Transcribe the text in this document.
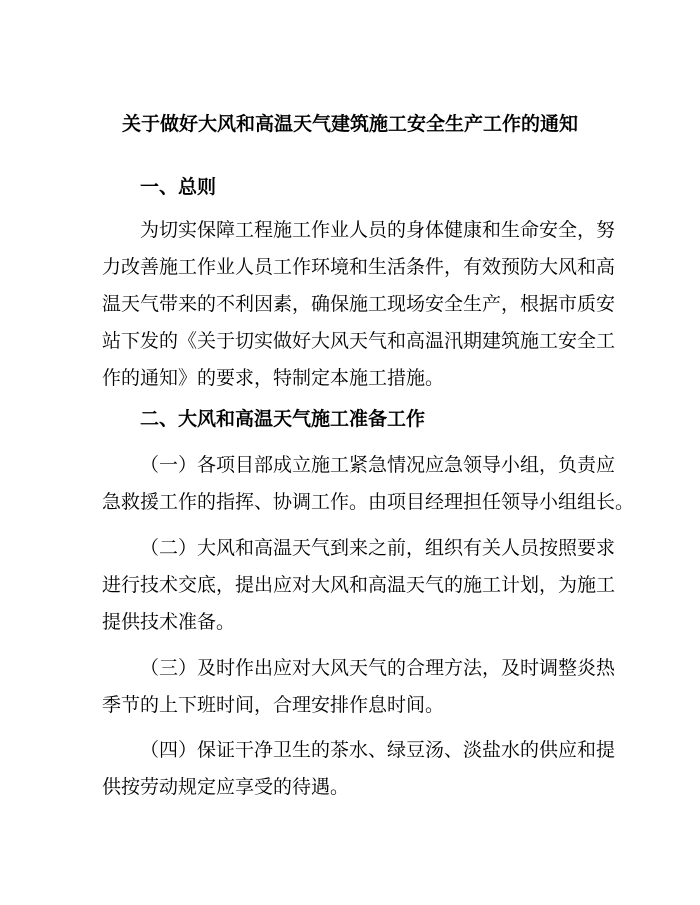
关于做好大风和高温天气建筑施工安全生产工作的通知
一、总则
为切实保障工程施工作业人员的身体健康和生命安全，努
力改善施工作业人员工作环境和生活条件，有效预防大风和高
温天气带来的不利因素，确保施工现场安全生产，根据市质安
站下发的《关于切实做好大风天气和高温汛期建筑施工安全工
作的通知》的要求，特制定本施工措施。
二、大风和高温天气施工准备工作
（一）各项目部成立施工紧急情况应急领导小组，负责应
急救援工作的指挥、协调工作。由项目经理担任领导小组组长。
（二）大风和高温天气到来之前，组织有关人员按照要求
进行技术交底，提出应对大风和高温天气的施工计划，为施工
提供技术准备。
（三）及时作出应对大风天气的合理方法，及时调整炎热
季节的上下班时间，合理安排作息时间。
（四）保证干净卫生的茶水、绿豆汤、淡盐水的供应和提
供按劳动规定应享受的待遇。
